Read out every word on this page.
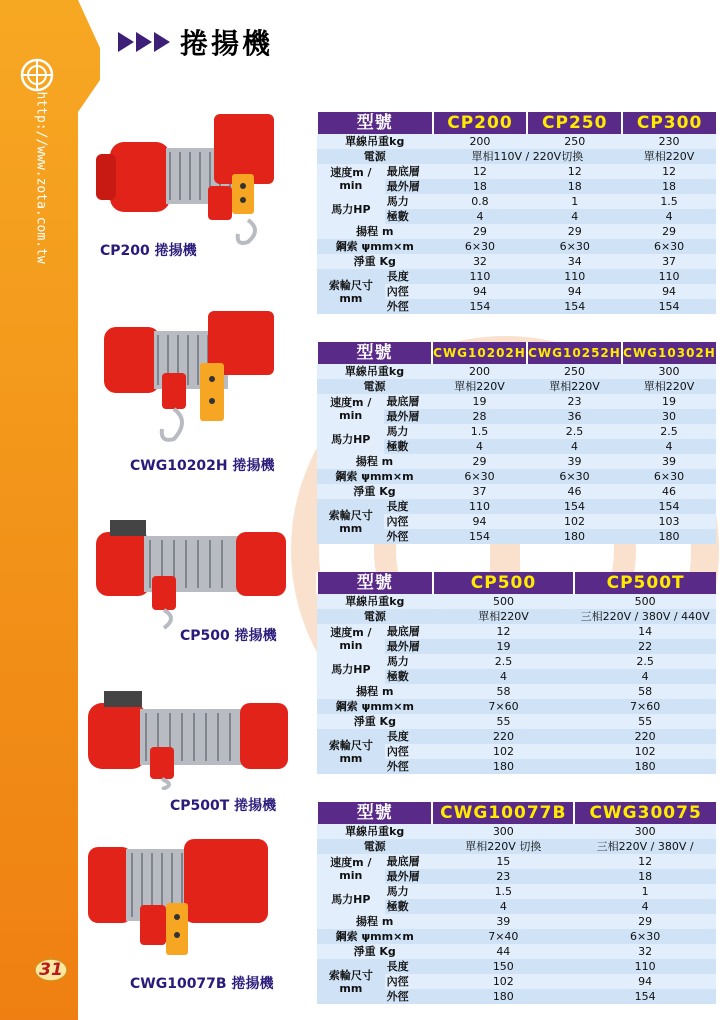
http://www.zota.com.tw
31
捲揚機
CP200 捲揚機
CWG10202H 捲揚機
CP500 捲揚機
CP500T 捲揚機
CWG10077B 捲揚機
型號		CP200	CP250	CP300
單線吊重kg		200	250	230
電源		單相110V / 220V切換		單相220V
速度m / min	最底層	12	12	12
	最外層	18	18	18
馬力HP	馬力	0.8	1	1.5
	極數	4	4	4
揚程 m		29	29	29
鋼索 ψmm×m		6×30	6×30	6×30
淨重 Kg		32	34	37
索輪尺寸
mm	長度	110	110	110
	內徑	94	94	94
	外徑	154	154	154
型號		CWG10202H	CWG10252H	CWG10302H
單線吊重kg		200	250	300
電源		單相220V	單相220V	單相220V
速度m / min	最底層	19	23	19
	最外層	28	36	30
馬力HP	馬力	1.5	2.5	2.5
	極數	4	4	4
揚程 m		29	39	39
鋼索 ψmm×m		6×30	6×30	6×30
淨重 Kg		37	46	46
索輪尺寸
mm	長度	110	154	154
	內徑	94	102	103
	外徑	154	180	180
型號		CP500	CP500T
單線吊重kg		500	500
電源		單相220V	三相220V / 380V / 440V
速度m / min	最底層	12	14
	最外層	19	22
馬力HP	馬力	2.5	2.5
	極數	4	4
揚程 m		58	58
鋼索 ψmm×m		7×60	7×60
淨重 Kg		55	55
索輪尺寸
mm	長度	220	220
	內徑	102	102
	外徑	180	180
型號		CWG10077B	CWG30075
單線吊重kg		300	300
電源		單相220V 切換	三相220V / 380V /
速度m / min	最底層	15	12
	最外層	23	18
馬力HP	馬力	1.5	1
	極數	4	4
揚程 m		39	29
鋼索 ψmm×m		7×40	6×30
淨重 Kg		44	32
索輪尺寸
mm	長度	150	110
	內徑	102	94
	外徑	180	154
